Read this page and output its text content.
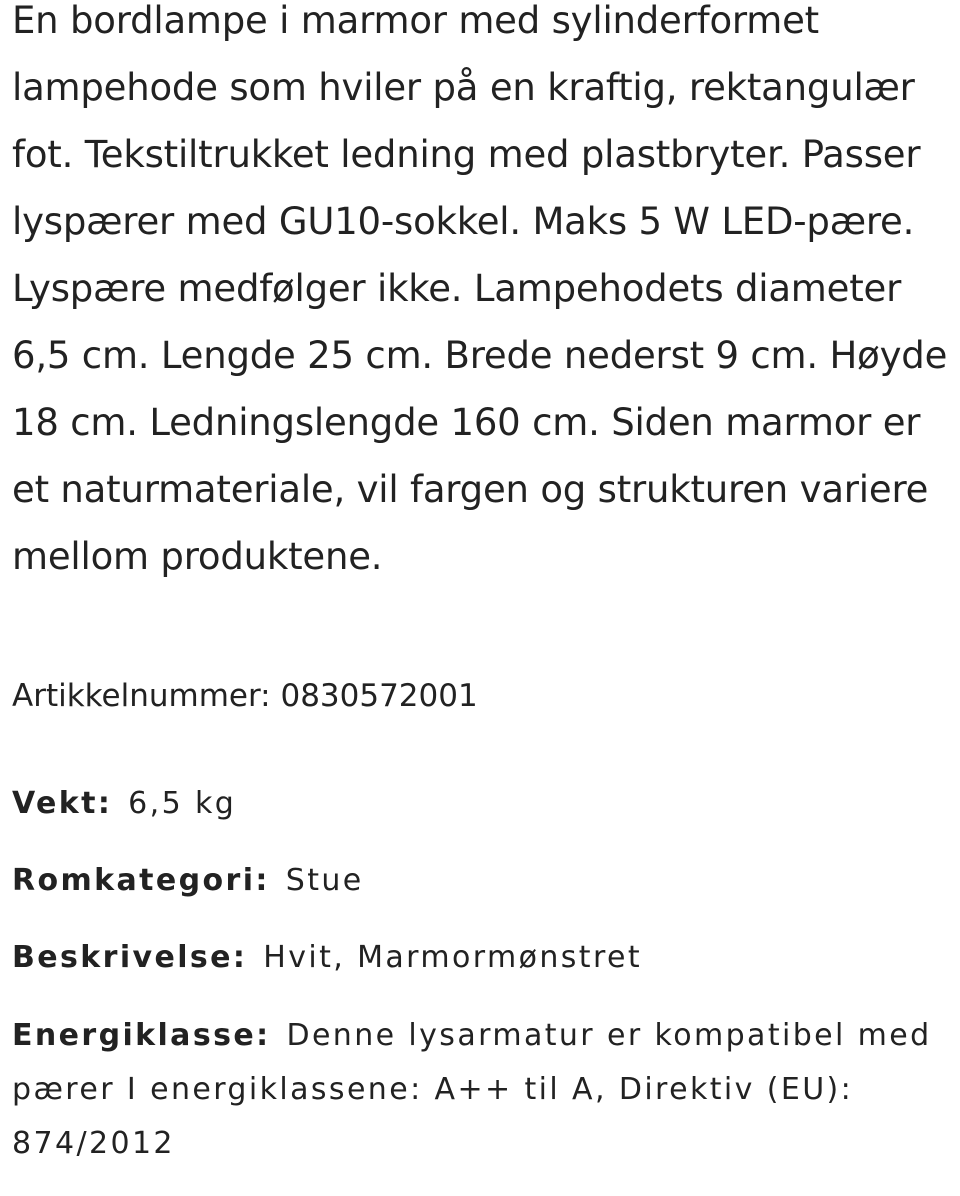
En bordlampe i marmor med sylinderformet lampehode som hviler på en kraftig, rektangulær fot. Tekstiltrukket ledning med plastbryter. Passer lyspærer med GU10-sokkel. Maks 5 W LED-pære. Lyspære medfølger ikke. Lampehodets diameter 6,5 cm. Lengde 25 cm. Brede nederst 9 cm. Høyde 18 cm. Ledningslengde 160 cm. Siden marmor er et naturmateriale, vil fargen og strukturen variere mellom produktene.

Artikkelnummer: 0830572001

Vekt: 6,5 kg
Romkategori: Stue
Beskrivelse: Hvit, Marmormønstret
Energiklasse: Denne lysarmatur er kompatibel med pærer I energiklassene: A++ til A, Direktiv (EU): 874/2012
